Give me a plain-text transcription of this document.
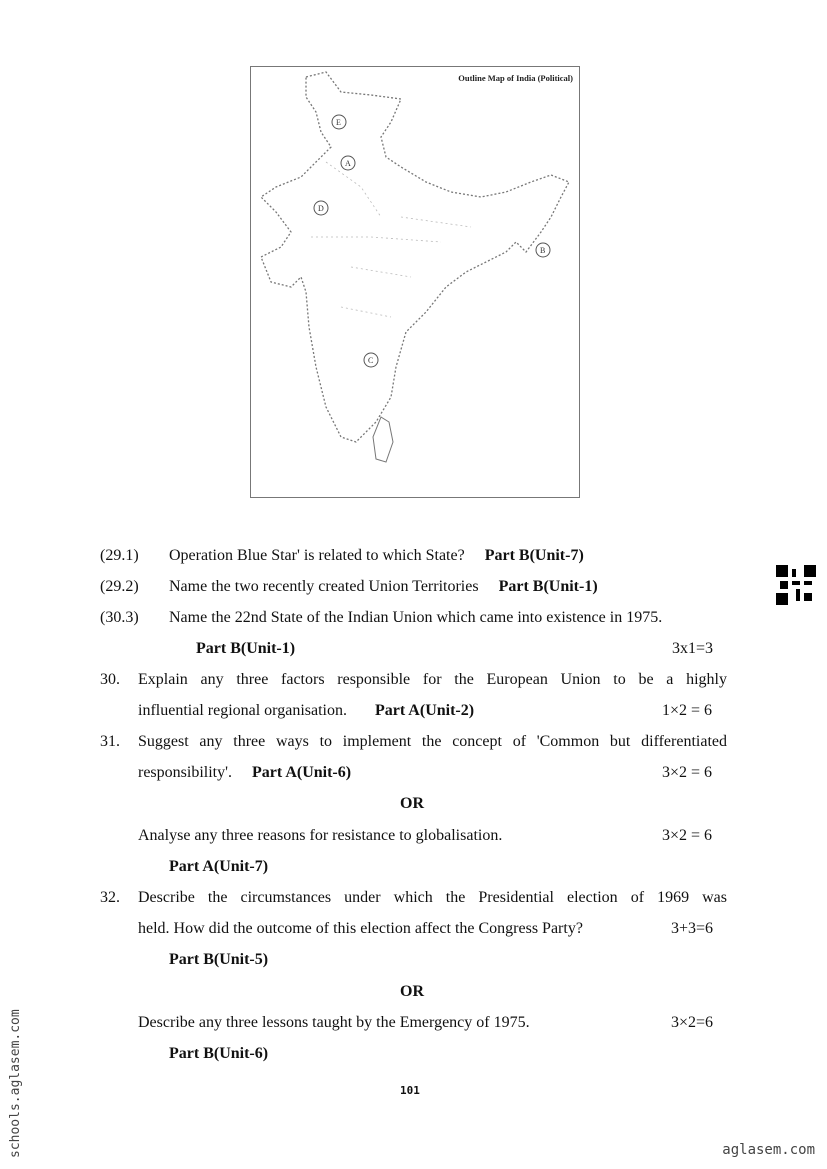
Outline Map of India (Political)
E
A
D
B
C
(29.1) Operation Blue Star' is related to which State? Part B(Unit-7)
(29.2) Name the two recently created Union Territories Part B(Unit-1)
(30.3) Name the 22nd State of the Indian Union which came into existence in 1975.
Part B(Unit-1)	3x1=3
30. Explain any three factors responsible for the European Union to be a highly
influential regional organisation. Part A(Unit-2)	1×2 = 6
31. Suggest any three ways to implement the concept of 'Common but differentiated
responsibility'. Part A(Unit-6)	3×2 = 6
OR
Analyse any three reasons for resistance to globalisation.	3×2 = 6
Part A(Unit-7)
32. Describe the circumstances under which the Presidential election of 1969 was
held. How did the outcome of this election affect the Congress Party?	3+3=6
Part B(Unit-5)
OR
Describe any three lessons taught by the Emergency of 1975.	3×2=6
Part B(Unit-6)
101
schools.aglasem.com	aglasem.com
